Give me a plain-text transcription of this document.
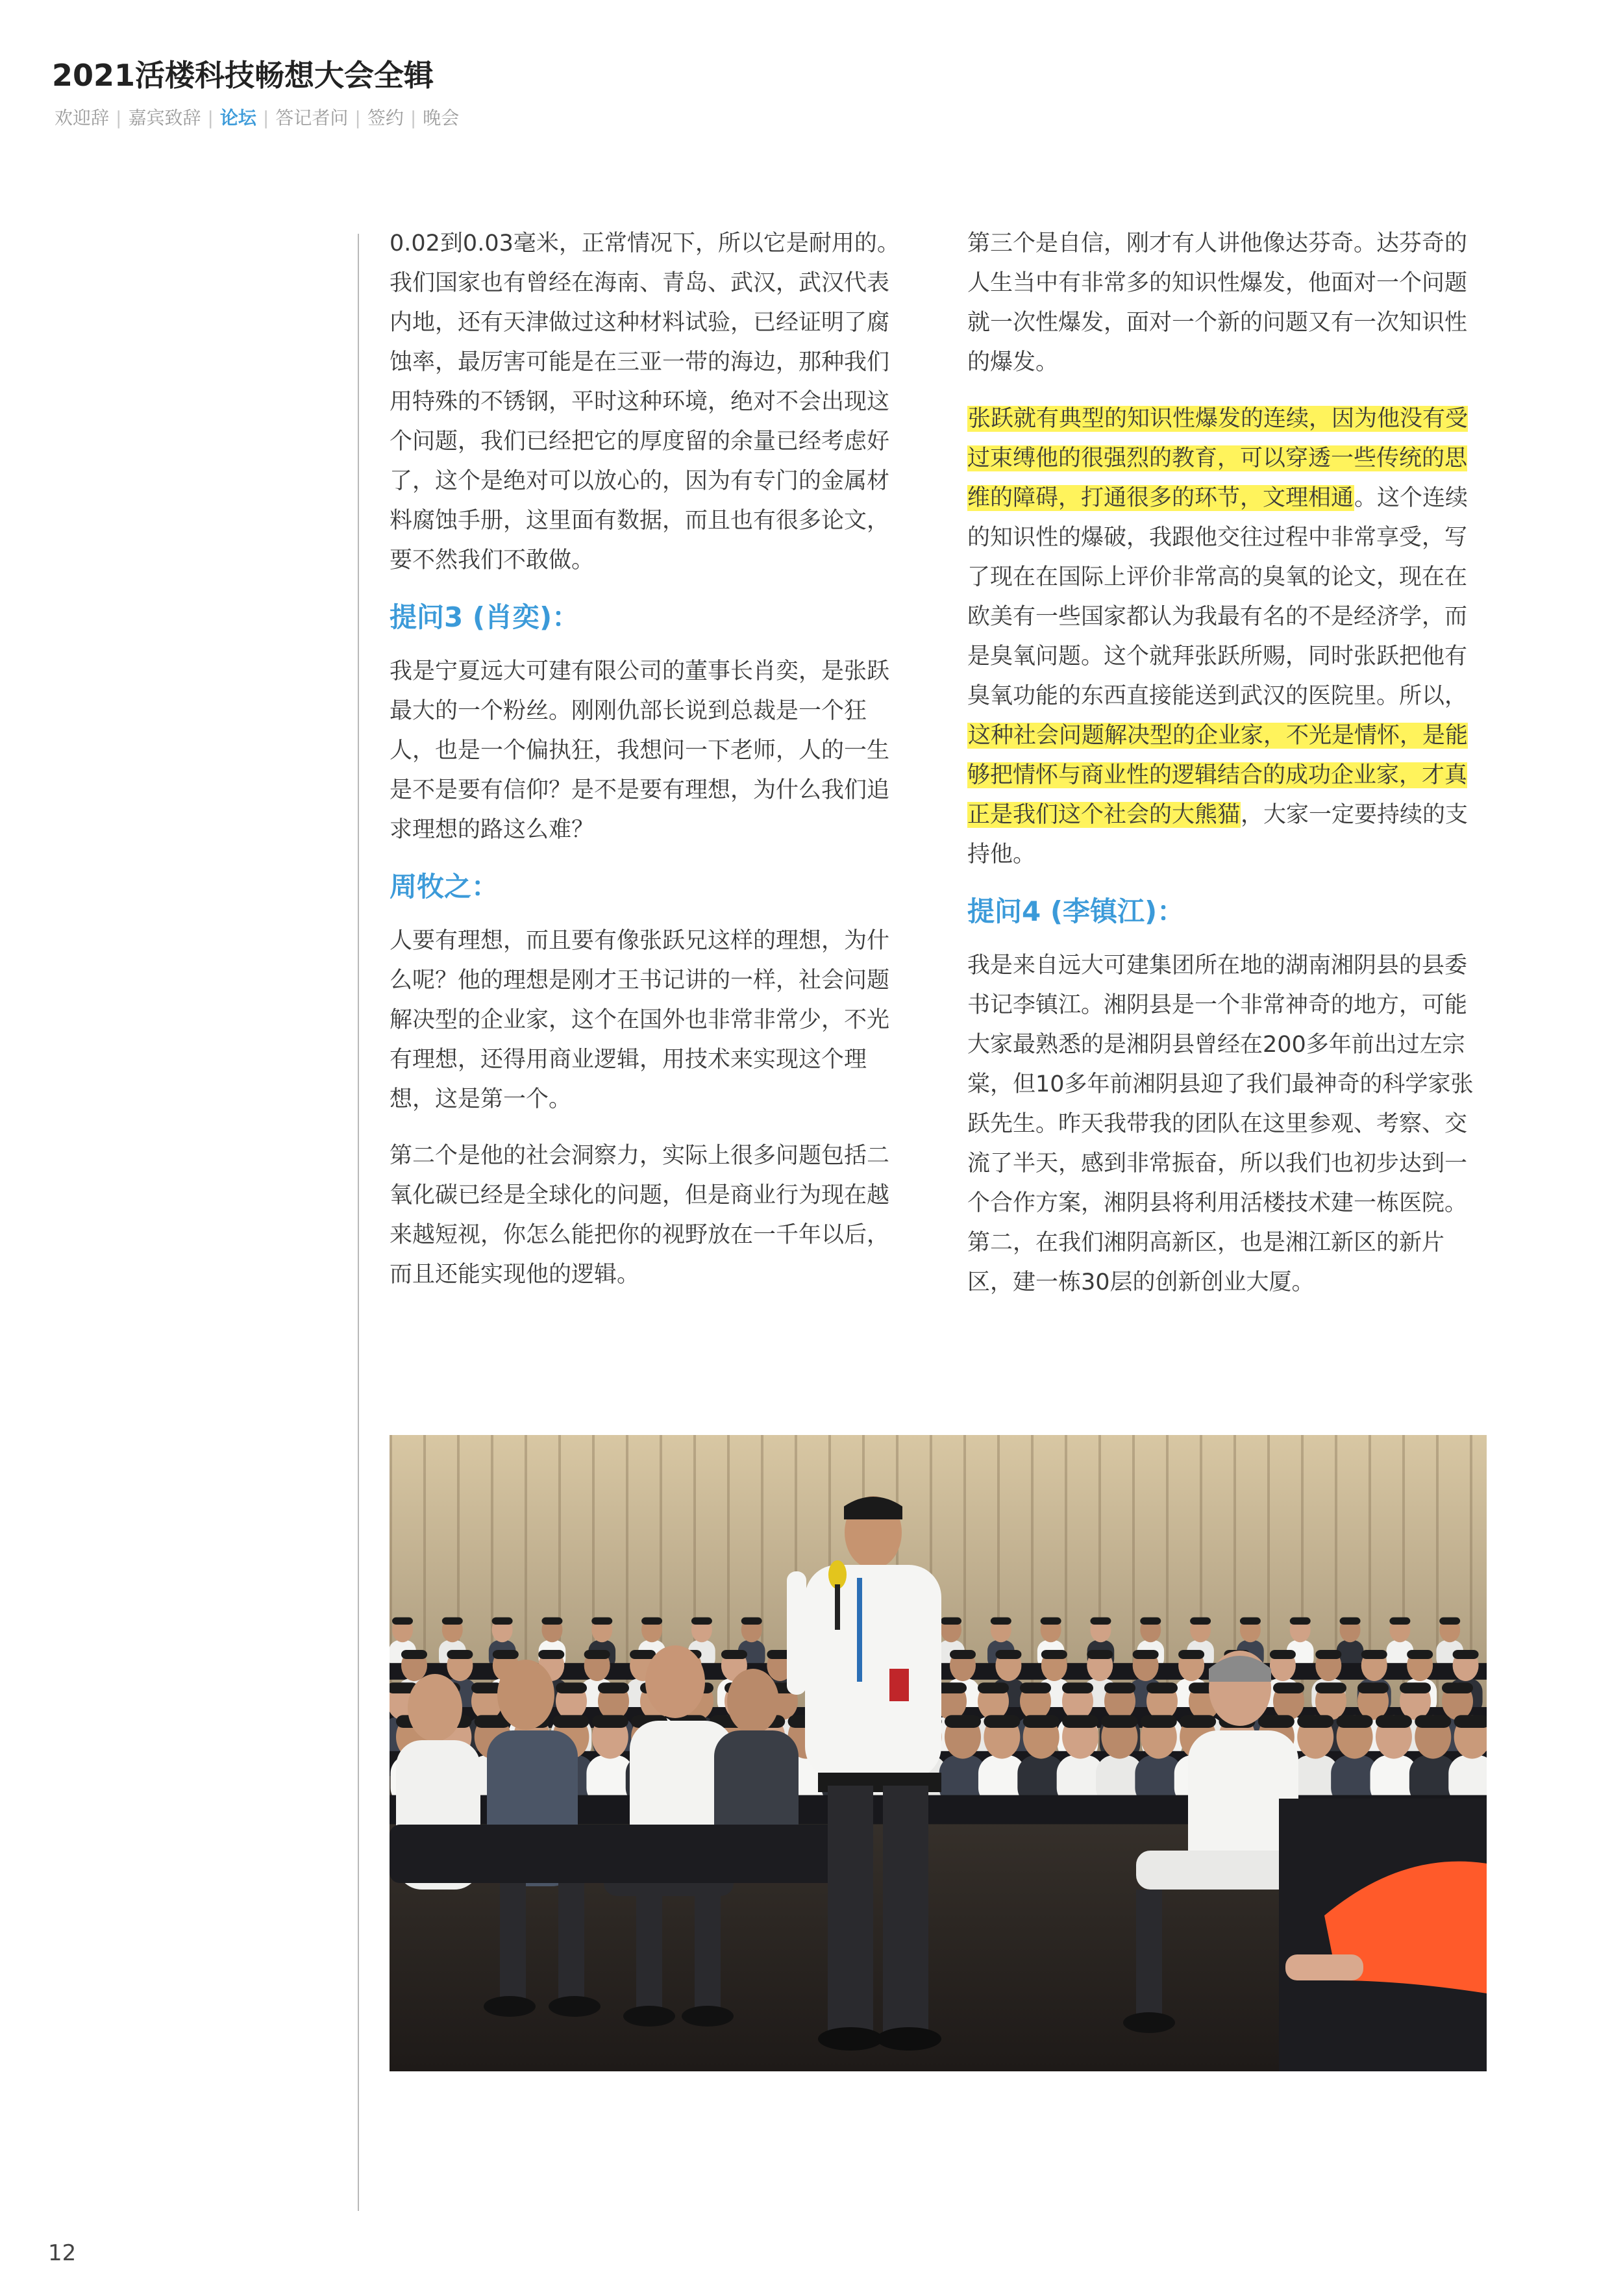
2021活楼科技畅想大会全辑
欢迎辞 | 嘉宾致辞 | 论坛 | 答记者问 | 签约 | 晚会

0.02到0.03毫米，正常情况下，所以它是耐用的。我们国家也有曾经在海南、青岛、武汉，武汉代表内地，还有天津做过这种材料试验，已经证明了腐蚀率，最厉害可能是在三亚一带的海边，那种我们用特殊的不锈钢，平时这种环境，绝对不会出现这个问题，我们已经把它的厚度留的余量已经考虑好了，这个是绝对可以放心的，因为有专门的金属材料腐蚀手册，这里面有数据，而且也有很多论文，要不然我们不敢做。

提问3 (肖奕)：

我是宁夏远大可建有限公司的董事长肖奕，是张跃最大的一个粉丝。刚刚仇部长说到总裁是一个狂人，也是一个偏执狂，我想问一下老师，人的一生是不是要有信仰？是不是要有理想，为什么我们追求理想的路这么难？

周牧之：

人要有理想，而且要有像张跃兄这样的理想，为什么呢？他的理想是刚才王书记讲的一样，社会问题解决型的企业家，这个在国外也非常非常少，不光有理想，还得用商业逻辑，用技术来实现这个理想，这是第一个。

第二个是他的社会洞察力，实际上很多问题包括二氧化碳已经是全球化的问题，但是商业行为现在越来越短视，你怎么能把你的视野放在一千年以后，而且还能实现他的逻辑。

第三个是自信，刚才有人讲他像达芬奇。达芬奇的人生当中有非常多的知识性爆发，他面对一个问题就一次性爆发，面对一个新的问题又有一次知识性的爆发。

张跃就有典型的知识性爆发的连续，因为他没有受过束缚他的很强烈的教育，可以穿透一些传统的思维的障碍，打通很多的环节，文理相通。这个连续的知识性的爆破，我跟他交往过程中非常享受，写了现在在国际上评价非常高的臭氧的论文，现在在欧美有一些国家都认为我最有名的不是经济学，而是臭氧问题。这个就拜张跃所赐，同时张跃把他有臭氧功能的东西直接能送到武汉的医院里。所以，这种社会问题解决型的企业家，不光是情怀，是能够把情怀与商业性的逻辑结合的成功企业家，才真正是我们这个社会的大熊猫，大家一定要持续的支持他。

提问4 (李镇江)：

我是来自远大可建集团所在地的湖南湘阴县的县委书记李镇江。湘阴县是一个非常神奇的地方，可能大家最熟悉的是湘阴县曾经在200多年前出过左宗棠，但10多年前湘阴县迎了我们最神奇的科学家张跃先生。昨天我带我的团队在这里参观、考察、交流了半天，感到非常振奋，所以我们也初步达到一个合作方案，湘阴县将利用活楼技术建一栋医院。第二，在我们湘阴高新区，也是湘江新区的新片区，建一栋30层的创新创业大厦。

12
